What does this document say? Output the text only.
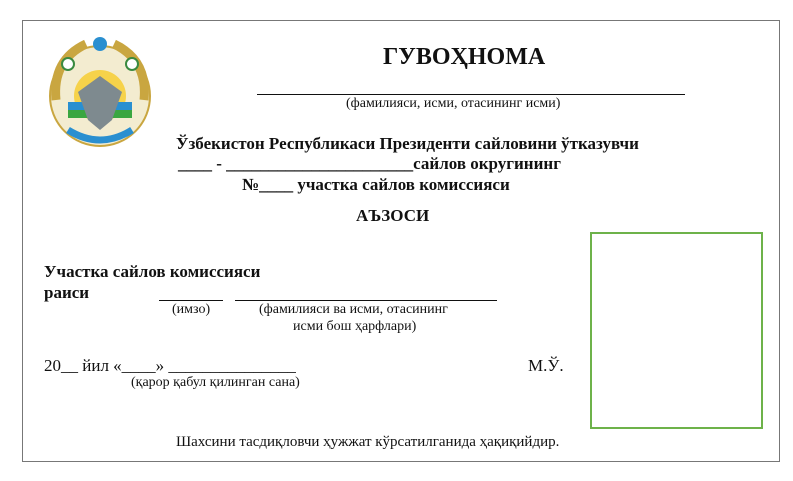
ГУВОҲНОМА
(фамилияси, исми, отасининг исми)
Ўзбекистон Республикаси Президенти сайловини ўтказувчи
____ - ______________________сайлов округининг
№____ участка сайлов комиссияси
АЪЗОСИ
Участка сайлов комиссияси
раиси
(имзо)	(фамилияси ва исми, отасининг
исми бош ҳарфлари)
20__ йил «____» _______________
(қарор қабул қилинган сана)
М.Ў.
Шахсини тасдиқловчи ҳужжат кўрсатилганида ҳақиқийдир.
